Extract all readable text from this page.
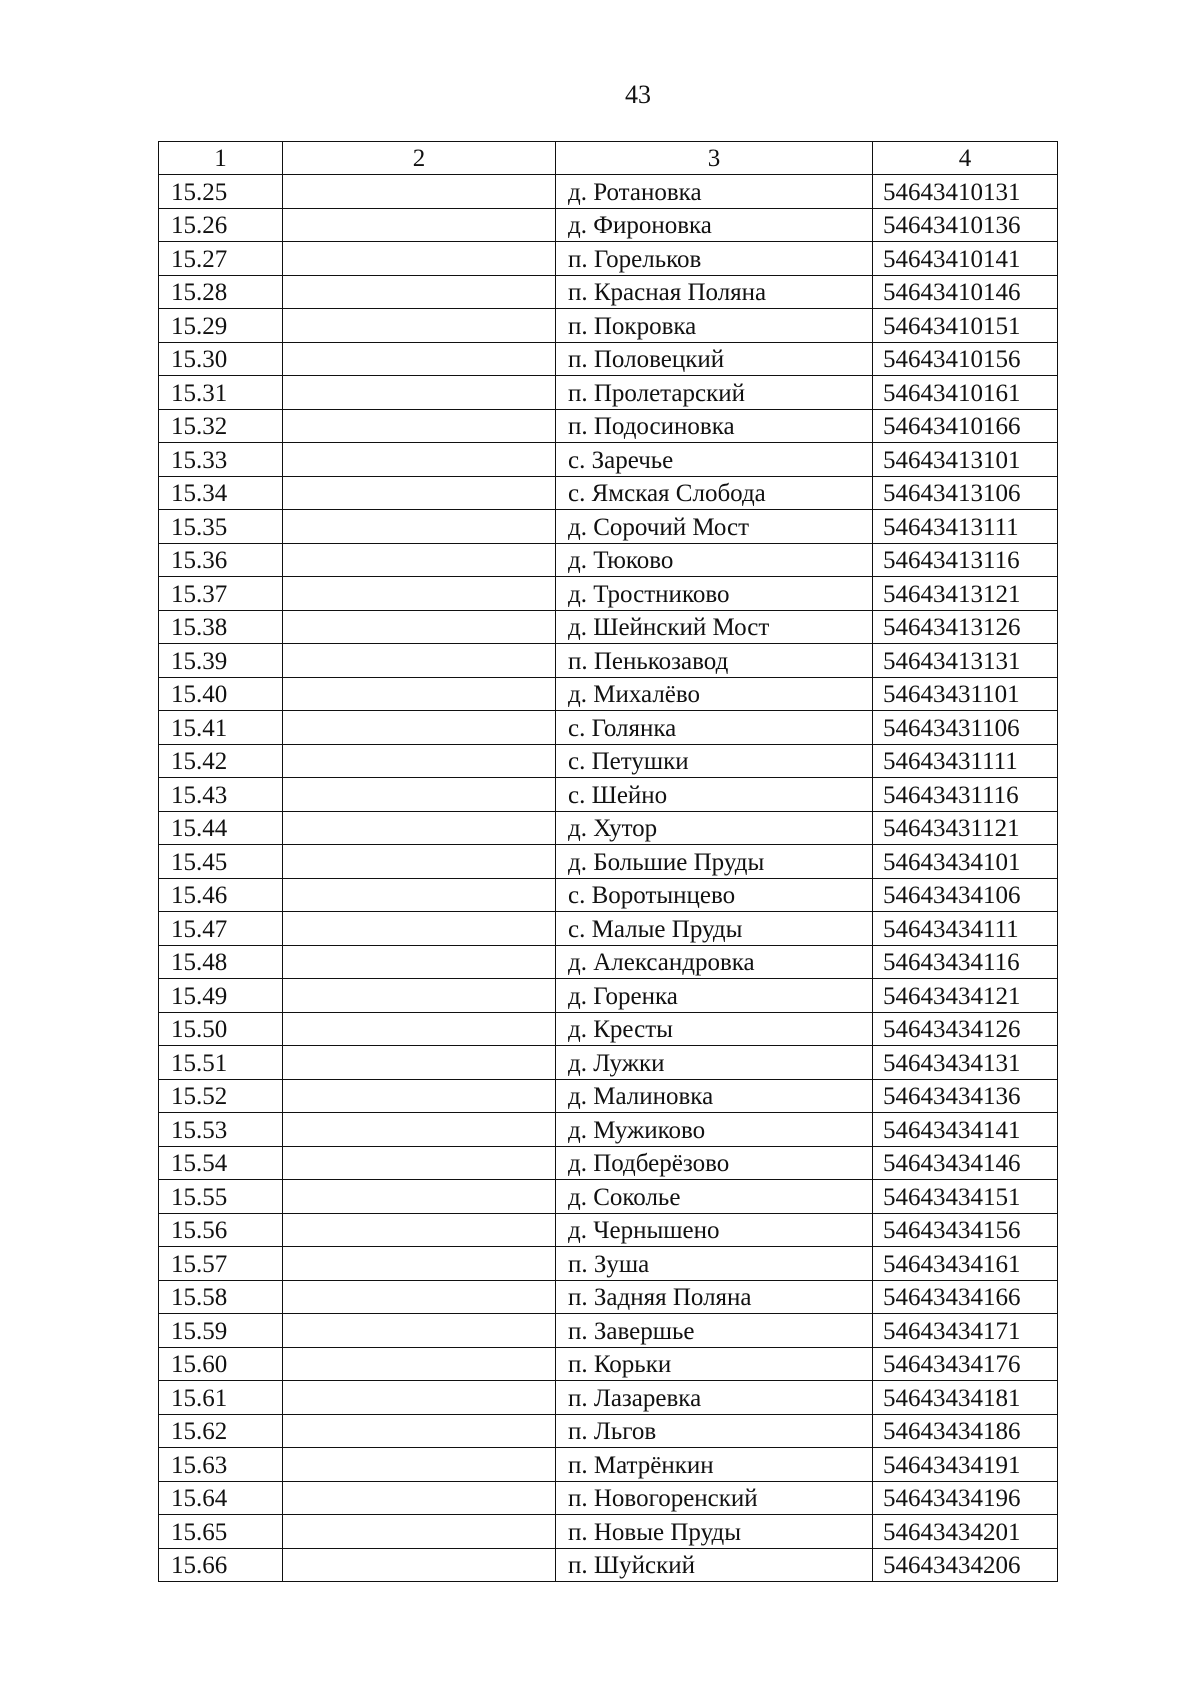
43
1	2	3	4
15.25		д. Ротановка	54643410131
15.26		д. Фироновка	54643410136
15.27		п. Горельков	54643410141
15.28		п. Красная Поляна	54643410146
15.29		п. Покровка	54643410151
15.30		п. Половецкий	54643410156
15.31		п. Пролетарский	54643410161
15.32		п. Подосиновка	54643410166
15.33		с. Заречье	54643413101
15.34		с. Ямская Слобода	54643413106
15.35		д. Сорочий Мост	54643413111
15.36		д. Тюково	54643413116
15.37		д. Тростниково	54643413121
15.38		д. Шейнский Мост	54643413126
15.39		п. Пенькозавод	54643413131
15.40		д. Михалёво	54643431101
15.41		с. Голянка	54643431106
15.42		с. Петушки	54643431111
15.43		с. Шейно	54643431116
15.44		д. Хутор	54643431121
15.45		д. Большие Пруды	54643434101
15.46		с. Воротынцево	54643434106
15.47		с. Малые Пруды	54643434111
15.48		д. Александровка	54643434116
15.49		д. Горенка	54643434121
15.50		д. Кресты	54643434126
15.51		д. Лужки	54643434131
15.52		д. Малиновка	54643434136
15.53		д. Мужиково	54643434141
15.54		д. Подберёзово	54643434146
15.55		д. Соколье	54643434151
15.56		д. Чернышено	54643434156
15.57		п. Зуша	54643434161
15.58		п. Задняя Поляна	54643434166
15.59		п. Завершье	54643434171
15.60		п. Корьки	54643434176
15.61		п. Лазаревка	54643434181
15.62		п. Льгов	54643434186
15.63		п. Матрёнкин	54643434191
15.64		п. Новогоренский	54643434196
15.65		п. Новые Пруды	54643434201
15.66		п. Шуйский	54643434206
